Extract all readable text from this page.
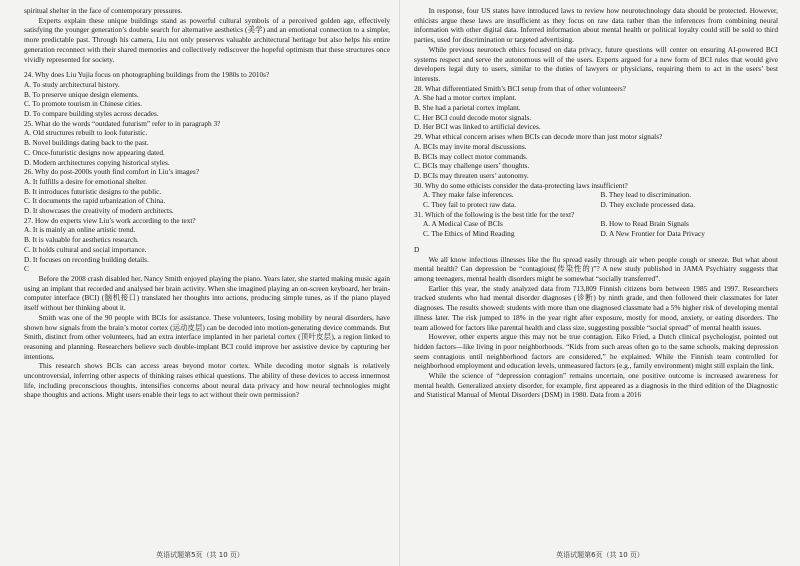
spiritual shelter in the face of contemporary pressures.

Experts explain these unique buildings stand as powerful cultural symbols of a perceived golden age, effectively satisfying the younger generation’s double search for alternative aesthetics (美学) and an emotional connection to a simpler, more predictable past. Through his camera, Liu not only preserves valuable architectural heritage but also helps his entire generation reconnect with their shared memories and collectively rediscover the hopeful optimism that these structures once vividly represented for society.

24. Why does Liu Yujia focus on photographing buildings from the 1980s to 2010s?

A. To study architectural history.

B. To preserve unique design elements.

C. To promote tourism in Chinese cities.

D. To compare building styles across decades.

25. What do the words “outdated futurism” refer to in paragraph 3?

A. Old structures rebuilt to look futuristic.

B. Novel buildings dating back to the past.

C. Once-futuristic designs now appearing dated.

D. Modern architectures copying historical styles.

26. Why do post-2000s youth find comfort in Liu’s images?

A. It fulfills a desire for emotional shelter.

B. It introduces futuristic designs to the public.

C. It documents the rapid urbanization of China.

D. It showcases the creativity of modern architects.

27. How do experts view Liu’s work according to the text?

A. It is mainly an online artistic trend.

B. It is valuable for aesthetics research.

C. It holds cultural and social importance.

D. It focuses on recording building details.

C

Before the 2008 crash disabled her, Nancy Smith enjoyed playing the piano. Years later, she started making music again using an implant that recorded and analysed her brain activity. When she imagined playing an on-screen keyboard, her brain-computer interface (BCI) (脑机接口) translated her thoughts into actions, producing simple tunes, as if the piano played itself without her thinking about it.

Smith was one of the 90 people with BCIs for assistance. These volunteers, losing mobility by neural disorders, have shown how signals from the brain’s motor cortex (运动皮层) can be decoded into motion-generating device commands. But Smith, distinct from other volunteers, had an extra interface implanted in her parietal cortex (顶叶皮层), a region linked to reasoning and planning. Researchers believe such double-implant BCI could improve her assistive device by capturing her intentions.

This research shows BCIs can access areas beyond motor cortex. While decoding motor signals is relatively uncontroversial, inferring other aspects of thinking raises ethical questions. The ability of these devices to access innermost life, including preconscious thoughts, intensifies concerns about neural data privacy and how neural technologies might shape thoughts and actions. Might users enable their legs to act without their own permission?

英语试题第5页（共 10 页）

In response, four US states have introduced laws to review how neurotechnology data should be protected. However, ethicists argue these laws are insufficient as they focus on raw data rather than the inferences from combining neural information with other digital data. Inferred information about mental health or political loyalty could still be sold to third parties, used for discrimination or targeted advertising.

While previous neurotech ethics focused on data privacy, future questions will center on ensuring AI-powered BCI systems respect and serve the autonomous will of the users. Experts argued for a new form of BCI rules that would give developers legal duty to users, similar to the duties of lawyers or physicians, requiring them to act in the users’ best interests.

28. What differentiated Smith’s BCI setup from that of other volunteers?

A. She had a motor cortex implant.

B. She had a parietal cortex implant.

C. Her BCI could decode motor signals.

D. Her BCI was linked to artificial devices.

29. What ethical concern arises when BCIs can decode more than just motor signals?

A. BCIs may invite moral discussions.

B. BCIs may collect motor commands.

C. BCIs may challenge users’ thoughts.

D. BCIs may threaten users’ autonomy.

30. Why do some ethicists consider the data-protecting laws insufficient?

A. They make false inferences.	B. They lead to discrimination.
C. They fail to protect raw data.	D. They exclude processed data.

31. Which of the following is the best title for the text?

A. A Medical Case of BCIs	B. How to Read Brain Signals
C. The Ethics of Mind Reading	D. A New Frontier for Data Privacy

D

We all know infectious illnesses like the flu spread easily through air when people cough or sneeze. But what about mental health? Can depression be “contagious(传染性的)”? A new study published in JAMA Psychiatry suggests that among teenagers, mental health disorders might be somewhat “socially transferred”.

Earlier this year, the study analyzed data from 713,809 Finnish citizens born between 1985 and 1997. Researchers tracked students who had mental disorder diagnoses (诊断) by ninth grade, and then followed their classmates for later diagnoses. The results showed: students with more than one diagnosed classmate had a 5% higher risk of developing mental illness later. The risk jumped to 18% in the year right after exposure, mostly for mood, anxiety, or eating disorders. The team allowed for factors like parental health and class size, suggesting possible “social spread” of mental health issues.

However, other experts argue this may not be true contagion. Eiko Fried, a Dutch clinical psychologist, pointed out hidden factors—like living in poor neighborhoods. “Kids from such areas often go to the same schools, making depression seem contagious until neighborhood factors are considered,” he explained. While the Finnish team controlled for neighborhood employment and education levels, unmeasured factors (e.g., family environment) might still explain the link.

While the science of “depression contagion” remains uncertain, one positive outcome is increased awareness for mental health. Generalized anxiety disorder, for example, first appeared as a diagnosis in the third edition of the Diagnostic and Statistical Manual of Mental Disorders (DSM) in 1980. Data from a 2016

英语试题第6页（共 10 页）
